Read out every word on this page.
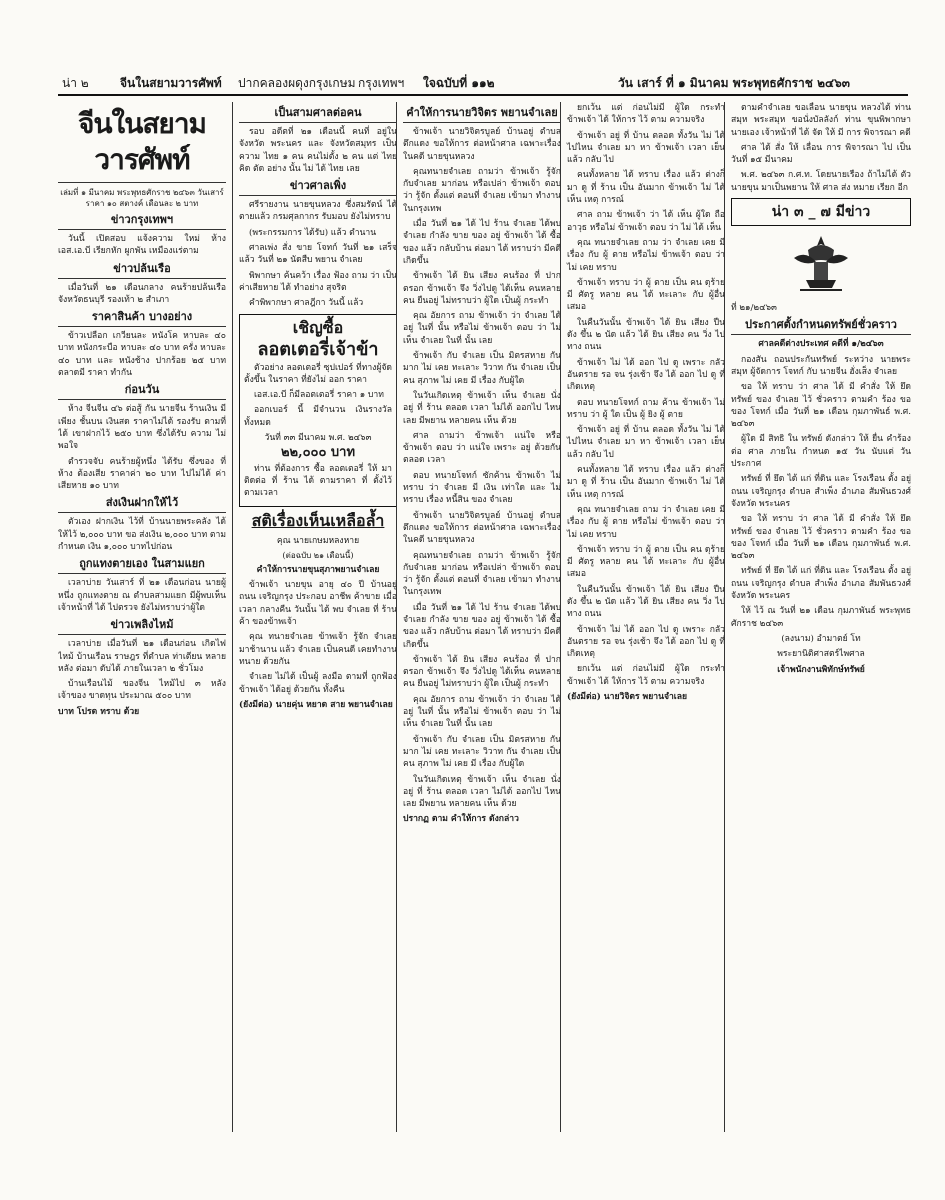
น่า ๒	จีนในสยามวารศัพท์ ปากคลองผดุงกรุงเกษม กรุงเทพฯ ใจฉบับที่ ๑๑๒	วัน เสาร์ ที่ ๑ มินาคม พระพุทธศักราช ๒๔๖๓
จีนในสยามวารศัพท์

เล่มที่ ๑ มีนาคม พระพุทธศักราช ๒๔๖๓ วันเสาร์ ราคา ๑๐ สตางค์ เดือนละ ๒ บาท

ข่าวกรุงเทพฯ

วันนี้ เปิดสอบ แจ้งความ ใหม่ ห้าง เอส.เอ.บี เรียกหัก ผูกพัน เหมืองแร่ตาม

ข่าวปล้นเรือ

เมื่อวันที่ ๒๑ เดือนกลาง คนร้ายปล้นเรือ จังหวัดธนบุรี รองเท้า ๒ สำเภา

ราคาสินค้า บางอย่าง

ข้าวเปลือก เกวียนละ หนังโค หาบละ ๔๐ บาท หนังกระบือ หาบละ ๔๐ บาท ครั่ง หาบละ ๔๐ บาท และ หนังช้าง ปากร้อย ๒๕ บาท ตลาดมี ราคา ทำกัน

ก่อนวัน

ห้าง จีนจีน ๔๖ ต่อสู้ กัน นายจีน ร้านเงิน มีเพียง ชั้นบน เงินสด ราคาไม่ได้ รองรับ ตามที่ได้ เขาฝากไว้ ๒๕๐ บาท ซึ่งได้รับ ความ ไม่พอใจ

ตำรวจจับ คนร้ายผู้หนึ่ง ได้รับ ซึ่งของ ที่ห้าง ต้องเสีย ราคาค่า ๒๐ บาท ไปไม่ได้ ค่าเสียหาย ๑๐ บาท

ส่งเงินฝากให้ไว้

ตัวเอง ฝากเงิน ไว้ที่ บ้านนายพระคลัง ได้ ให้ไว้ ๒,๐๐๐ บาท ขอ ส่งเงิน ๒,๐๐๐ บาท ตามกำหนด เงิน ๑,๐๐๐ บาทไปก่อน

ถูกแทงตายเอง ในสามแยก

เวลาบ่าย วันเสาร์ ที่ ๒๑ เดือนก่อน นายผู้หนึ่ง ถูกแทงตาย ณ ตำบลสามแยก มีผู้พบเห็น เจ้าหน้าที่ ได้ ไปตรวจ ยังไม่ทราบว่าผู้ใด

ข่าวเพลิงไหม้

เวลาบ่าย เมื่อวันที่ ๒๑ เดือนก่อน เกิดไฟไหม้ บ้านเรือน ราษฎร ที่ตำบล ท่าเตียน หลายหลัง ต่อมา ดับได้ ภายในเวลา ๒ ชั่วโมง

บ้านเรือนไม้ ของจีน ไหม้ไป ๓ หลัง เจ้าของ ขาดทุน ประมาณ ๕๐๐ บาท

บาท โปรด ทราบ ด้วย

เป็นสามศาลต่อคน

รอบ อดีตที่ ๒๑ เดือนนี้ คนที่ อยู่ในจังหวัด พระนคร และ จังหวัดสมุทร เป็น ความ ไทย ๑ คน คนไม่ตั้ง ๒ คน แต่ ไทย คิด ตัด อย่าง นั้น ไม่ ได้ ไทย เลย

ข่าวศาลเพิ่ง

ศรีรายงาน นายขุนหลวง ซึ่งสมรัตน์ ได้ ตายแล้ว กรมศุลกากร รับมอบ ยังไม่ทราบ

(พระกรรมการ ได้รับ) แล้ว ตำนาน

ศาลเพ่ง สั่ง ขาย โจทก์ วันที่ ๒๑ เสร็จแล้ว วันที่ ๒๑ นัดสืบ พยาน จำเลย

พิพากษา ค้นคว้า เรื่อง ฟ้อง ถาม ว่า เป็น ค่าเสียหาย ได้ ทำอย่าง สุจริต

คำพิพากษา ศาลฎีกา วันนี้ แล้ว

เชิญซื้อ
ลอตเตอรี่เจ้าข้า

ตัวอย่าง ลอตเตอรี่ ซุปเปอร์ ที่ทางผู้จัด ตั้งขึ้น ในราคา ที่ยังไม่ ออก ราคา

เอส.เอ.บี ก็มีลอตเตอรี่ ราคา ๑ บาท

ออกเบอร์ นี้ มีจำนวน เงินรางวัล ทั้งหมด

วันที่ ๓๓ มีนาคม พ.ศ. ๒๔๖๓

๒๒,๐๐๐ บาท

ท่าน ที่ต้องการ ซื้อ ลอตเตอรี่ ให้ มา ติดต่อ ที่ ร้าน ได้ ตามราคา ที่ ตั้งไว้ ตามเวลา

สติเรื่องเห็นเหลือล้ำ

คุณ นายเกษมหลงหาย

(ต่อฉบับ ๒๑ เดือนนี้)

คำให้การนายขุนสุภาพยานจำเลย

ข้าพเจ้า นายขุน อายุ ๔๐ ปี บ้านอยู่ ถนน เจริญกรุง ประกอบ อาชีพ ค้าขาย เมื่อ เวลา กลางคืน วันนั้น ได้ พบ จำเลย ที่ ร้านค้า ของข้าพเจ้า

คุณ ทนายจำเลย ข้าพเจ้า รู้จัก จำเลย มาช้านาน แล้ว จำเลย เป็นคนดี เคยทำงาน ทนาย ด้วยกัน

จำเลย ไม่ได้ เป็นผู้ ลงมือ ตามที่ ถูกฟ้อง ข้าพเจ้า ได้อยู่ ด้วยกัน ทั้งคืน

(ยังมีต่อ) นายคุ่น หยาด สาย พยานจำเลย

คำให้การนายวิจิตร พยานจำเลย

ข้าพเจ้า นายวิจิตรบูลย์ บ้านอยู่ ตำบล ตึกแดง ขอให้การ ต่อหน้าศาล เฉพาะเรื่อง ในคดี นายขุนหลวง

คุณทนายจำเลย ถามว่า ข้าพเจ้า รู้จัก กับจำเลย มาก่อน หรือเปล่า ข้าพเจ้า ตอบ ว่า รู้จัก ตั้งแต่ ตอนที่ จำเลย เข้ามา ทำงาน ในกรุงเทพ

เมื่อ วันที่ ๒๑ ได้ ไป ร้าน จำเลย ได้พบ จำเลย กำลัง ขาย ของ อยู่ ข้าพเจ้า ได้ ซื้อ ของ แล้ว กลับบ้าน ต่อมา ได้ ทราบว่า มีคดี เกิดขึ้น

ข้าพเจ้า ได้ ยิน เสียง คนร้อง ที่ ปากตรอก ข้าพเจ้า จึง วิ่งไปดู ได้เห็น คนหลายคน ยืนอยู่ ไม่ทราบว่า ผู้ใด เป็นผู้ กระทำ

คุณ อัยการ ถาม ข้าพเจ้า ว่า จำเลย ได้ อยู่ ในที่ นั้น หรือไม่ ข้าพเจ้า ตอบ ว่า ไม่เห็น จำเลย ในที่ นั้น เลย

ข้าพเจ้า กับ จำเลย เป็น มิตรสหาย กัน มาก ไม่ เคย ทะเลาะ วิวาท กัน จำเลย เป็นคน สุภาพ ไม่ เคย มี เรื่อง กับผู้ใด

ในวันเกิดเหตุ ข้าพเจ้า เห็น จำเลย นั่ง อยู่ ที่ ร้าน ตลอด เวลา ไม่ได้ ออกไป ไหน เลย มีพยาน หลายคน เห็น ด้วย

ศาล ถามว่า ข้าพเจ้า แน่ใจ หรือ ข้าพเจ้า ตอบ ว่า แน่ใจ เพราะ อยู่ ด้วยกัน ตลอด เวลา

ตอบ ทนายโจทก์ ซักค้าน ข้าพเจ้า ไม่ ทราบ ว่า จำเลย มี เงิน เท่าใด และ ไม่ ทราบ เรื่อง หนี้สิน ของ จำเลย

ข้าพเจ้า นายวิจิตรบูลย์ บ้านอยู่ ตำบล ตึกแดง ขอให้การ ต่อหน้าศาล เฉพาะเรื่อง ในคดี นายขุนหลวง

คุณทนายจำเลย ถามว่า ข้าพเจ้า รู้จัก กับจำเลย มาก่อน หรือเปล่า ข้าพเจ้า ตอบ ว่า รู้จัก ตั้งแต่ ตอนที่ จำเลย เข้ามา ทำงาน ในกรุงเทพ

เมื่อ วันที่ ๒๑ ได้ ไป ร้าน จำเลย ได้พบ จำเลย กำลัง ขาย ของ อยู่ ข้าพเจ้า ได้ ซื้อ ของ แล้ว กลับบ้าน ต่อมา ได้ ทราบว่า มีคดี เกิดขึ้น

ข้าพเจ้า ได้ ยิน เสียง คนร้อง ที่ ปากตรอก ข้าพเจ้า จึง วิ่งไปดู ได้เห็น คนหลายคน ยืนอยู่ ไม่ทราบว่า ผู้ใด เป็นผู้ กระทำ

คุณ อัยการ ถาม ข้าพเจ้า ว่า จำเลย ได้ อยู่ ในที่ นั้น หรือไม่ ข้าพเจ้า ตอบ ว่า ไม่เห็น จำเลย ในที่ นั้น เลย

ข้าพเจ้า กับ จำเลย เป็น มิตรสหาย กัน มาก ไม่ เคย ทะเลาะ วิวาท กัน จำเลย เป็นคน สุภาพ ไม่ เคย มี เรื่อง กับผู้ใด

ในวันเกิดเหตุ ข้าพเจ้า เห็น จำเลย นั่ง อยู่ ที่ ร้าน ตลอด เวลา ไม่ได้ ออกไป ไหน เลย มีพยาน หลายคน เห็น ด้วย

ปรากฏ ตาม คำให้การ ดังกล่าว

ยกเว้น แต่ ก่อนไม่มี ผู้ใด กระทำ ข้าพเจ้า ได้ ให้การ ไว้ ตาม ความจริง

ข้าพเจ้า อยู่ ที่ บ้าน ตลอด ทั้งวัน ไม่ ได้ ไปไหน จำเลย มา หา ข้าพเจ้า เวลา เย็น แล้ว กลับ ไป

คนทั้งหลาย ได้ ทราบ เรื่อง แล้ว ต่างก็ มา ดู ที่ ร้าน เป็น อันมาก ข้าพเจ้า ไม่ ได้ เห็น เหตุ การณ์

ศาล ถาม ข้าพเจ้า ว่า ได้ เห็น ผู้ใด ถือ อาวุธ หรือไม่ ข้าพเจ้า ตอบ ว่า ไม่ ได้ เห็น

คุณ ทนายจำเลย ถาม ว่า จำเลย เคย มี เรื่อง กับ ผู้ ตาย หรือไม่ ข้าพเจ้า ตอบ ว่า ไม่ เคย ทราบ

ข้าพเจ้า ทราบ ว่า ผู้ ตาย เป็น คน ดุร้าย มี ศัตรู หลาย คน ได้ ทะเลาะ กับ ผู้อื่น เสมอ

ในคืนวันนั้น ข้าพเจ้า ได้ ยิน เสียง ปืน ดัง ขึ้น ๒ นัด แล้ว ได้ ยิน เสียง คน วิ่ง ไป ทาง ถนน

ข้าพเจ้า ไม่ ได้ ออก ไป ดู เพราะ กลัว อันตราย รอ จน รุ่งเช้า จึง ได้ ออก ไป ดู ที่ เกิดเหตุ

ตอบ ทนายโจทก์ ถาม ค้าน ข้าพเจ้า ไม่ ทราบ ว่า ผู้ ใด เป็น ผู้ ยิง ผู้ ตาย

ข้าพเจ้า อยู่ ที่ บ้าน ตลอด ทั้งวัน ไม่ ได้ ไปไหน จำเลย มา หา ข้าพเจ้า เวลา เย็น แล้ว กลับ ไป

คนทั้งหลาย ได้ ทราบ เรื่อง แล้ว ต่างก็ มา ดู ที่ ร้าน เป็น อันมาก ข้าพเจ้า ไม่ ได้ เห็น เหตุ การณ์

คุณ ทนายจำเลย ถาม ว่า จำเลย เคย มี เรื่อง กับ ผู้ ตาย หรือไม่ ข้าพเจ้า ตอบ ว่า ไม่ เคย ทราบ

ข้าพเจ้า ทราบ ว่า ผู้ ตาย เป็น คน ดุร้าย มี ศัตรู หลาย คน ได้ ทะเลาะ กับ ผู้อื่น เสมอ

ในคืนวันนั้น ข้าพเจ้า ได้ ยิน เสียง ปืน ดัง ขึ้น ๒ นัด แล้ว ได้ ยิน เสียง คน วิ่ง ไป ทาง ถนน

ข้าพเจ้า ไม่ ได้ ออก ไป ดู เพราะ กลัว อันตราย รอ จน รุ่งเช้า จึง ได้ ออก ไป ดู ที่ เกิดเหตุ

ยกเว้น แต่ ก่อนไม่มี ผู้ใด กระทำ ข้าพเจ้า ได้ ให้การ ไว้ ตาม ความจริง

(ยังมีต่อ) นายวิจิตร พยานจำเลย

ตามคำจำเลย ขอเลื่อน นายขุน หลวงได้ ท่านสมุห พระสมุห ขอนั่งบัลลังก์ ท่าน ขุนพิพากษา นายเอง เจ้าหน้าที่ ได้ จัด ให้ มี การ พิจารณา คดี

ศาล ได้ สั่ง ให้ เลื่อน การ พิจารณา ไป เป็น วันที่ ๑๕ มีนาคม

พ.ศ. ๒๔๖๓ ก.ศ.ท. โดยนายเรือง ถ้าไม่ได้ ตัว นายขุน มาเป็นพยาน ให้ ศาล ส่ง หมาย เรียก อีก

น่า ๓ _ ๗ มีข่าว

ที่ ๒๑/๒๔๖๓

ประกาศตั้งกำหนดทรัพย์ชั่วคราว

ศาลคดีต่างประเทศ คดีที่ ๑/๒๔๖๓

กองสัน ถอนประกันทรัพย์ ระหว่าง นายพระสมุห ผู้จัดการ โจทก์ กับ นายจีน ฮั่งเส็ง จำเลย

ขอ ให้ ทราบ ว่า ศาล ได้ มี คำสั่ง ให้ ยึด ทรัพย์ ของ จำเลย ไว้ ชั่วคราว ตามคำ ร้อง ขอ ของ โจทก์ เมื่อ วันที่ ๒๑ เดือน กุมภาพันธ์ พ.ศ. ๒๔๖๓

ผู้ใด มี สิทธิ ใน ทรัพย์ ดังกล่าว ให้ ยื่น คำร้อง ต่อ ศาล ภายใน กำหนด ๑๕ วัน นับแต่ วัน ประกาศ

ทรัพย์ ที่ ยึด ได้ แก่ ที่ดิน และ โรงเรือน ตั้ง อยู่ ถนน เจริญกรุง ตำบล สำเพ็ง อำเภอ สัมพันธวงศ์ จังหวัด พระนคร

ขอ ให้ ทราบ ว่า ศาล ได้ มี คำสั่ง ให้ ยึด ทรัพย์ ของ จำเลย ไว้ ชั่วคราว ตามคำ ร้อง ขอ ของ โจทก์ เมื่อ วันที่ ๒๑ เดือน กุมภาพันธ์ พ.ศ. ๒๔๖๓

ทรัพย์ ที่ ยึด ได้ แก่ ที่ดิน และ โรงเรือน ตั้ง อยู่ ถนน เจริญกรุง ตำบล สำเพ็ง อำเภอ สัมพันธวงศ์ จังหวัด พระนคร

ให้ ไว้ ณ วันที่ ๒๑ เดือน กุมภาพันธ์ พระพุทธศักราช ๒๔๖๓

(ลงนาม) อำมาตย์ โท

พระยานิติศาสตร์ไพศาล

เจ้าพนักงานพิทักษ์ทรัพย์
